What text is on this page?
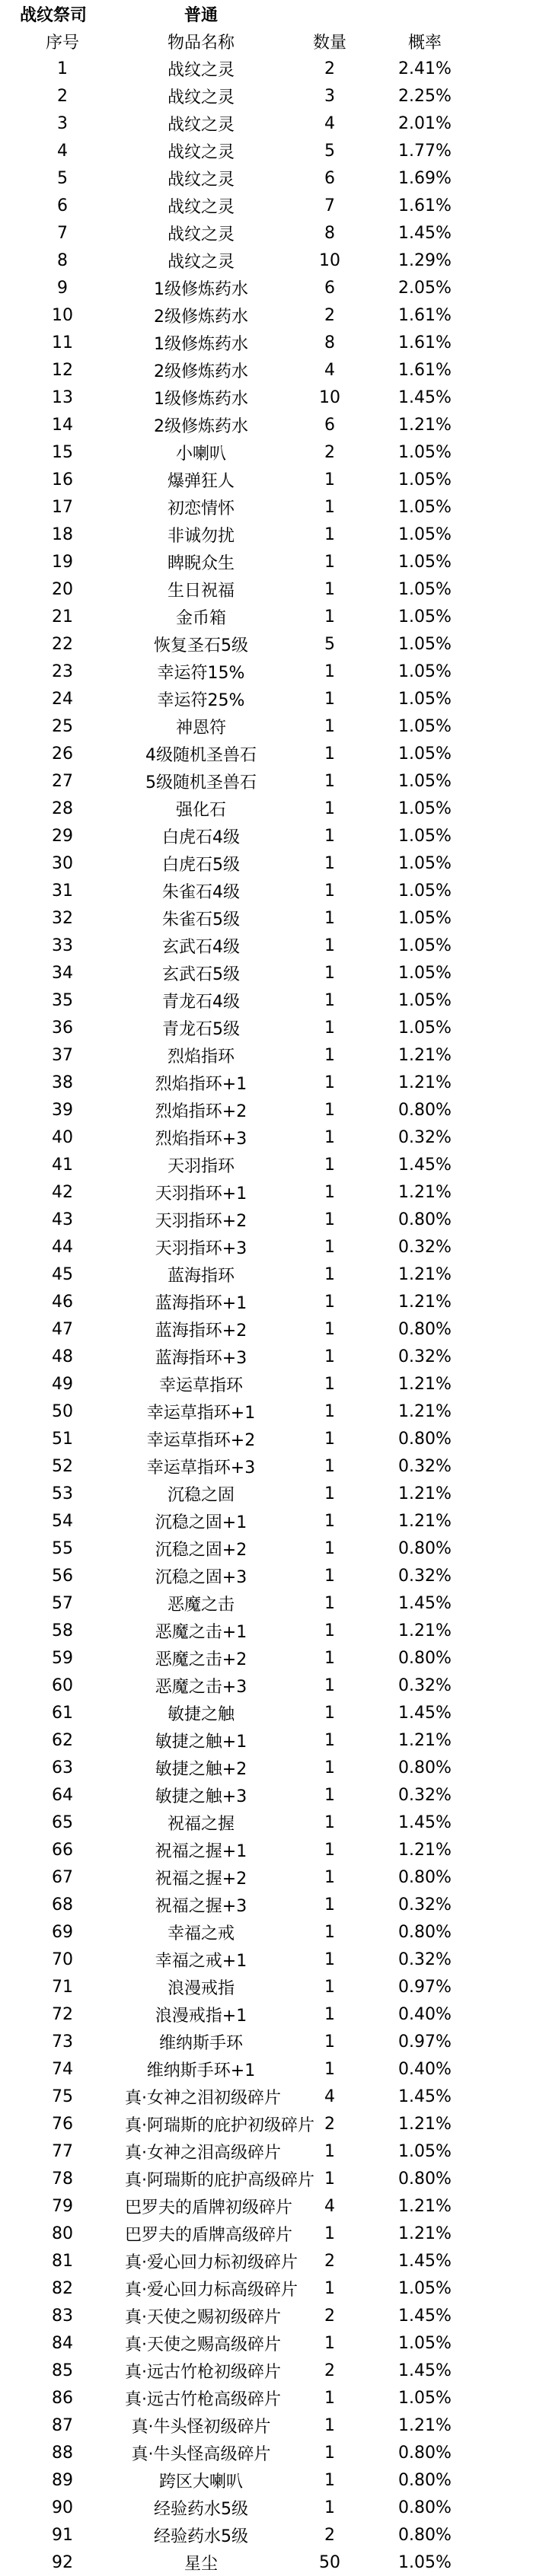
战纹祭司	普通
序号	物品名称	数量	概率
1	战纹之灵	2	2.41%
2	战纹之灵	3	2.25%
3	战纹之灵	4	2.01%
4	战纹之灵	5	1.77%
5	战纹之灵	6	1.69%
6	战纹之灵	7	1.61%
7	战纹之灵	8	1.45%
8	战纹之灵	10	1.29%
9	1级修炼药水	6	2.05%
10	2级修炼药水	2	1.61%
11	1级修炼药水	8	1.61%
12	2级修炼药水	4	1.61%
13	1级修炼药水	10	1.45%
14	2级修炼药水	6	1.21%
15	小喇叭	2	1.05%
16	爆弹狂人	1	1.05%
17	初恋情怀	1	1.05%
18	非诚勿扰	1	1.05%
19	睥睨众生	1	1.05%
20	生日祝福	1	1.05%
21	金币箱	1	1.05%
22	恢复圣石5级	5	1.05%
23	幸运符15%	1	1.05%
24	幸运符25%	1	1.05%
25	神恩符	1	1.05%
26	4级随机圣兽石	1	1.05%
27	5级随机圣兽石	1	1.05%
28	强化石	1	1.05%
29	白虎石4级	1	1.05%
30	白虎石5级	1	1.05%
31	朱雀石4级	1	1.05%
32	朱雀石5级	1	1.05%
33	玄武石4级	1	1.05%
34	玄武石5级	1	1.05%
35	青龙石4级	1	1.05%
36	青龙石5级	1	1.05%
37	烈焰指环	1	1.21%
38	烈焰指环+1	1	1.21%
39	烈焰指环+2	1	0.80%
40	烈焰指环+3	1	0.32%
41	天羽指环	1	1.45%
42	天羽指环+1	1	1.21%
43	天羽指环+2	1	0.80%
44	天羽指环+3	1	0.32%
45	蓝海指环	1	1.21%
46	蓝海指环+1	1	1.21%
47	蓝海指环+2	1	0.80%
48	蓝海指环+3	1	0.32%
49	幸运草指环	1	1.21%
50	幸运草指环+1	1	1.21%
51	幸运草指环+2	1	0.80%
52	幸运草指环+3	1	0.32%
53	沉稳之固	1	1.21%
54	沉稳之固+1	1	1.21%
55	沉稳之固+2	1	0.80%
56	沉稳之固+3	1	0.32%
57	恶魔之击	1	1.45%
58	恶魔之击+1	1	1.21%
59	恶魔之击+2	1	0.80%
60	恶魔之击+3	1	0.32%
61	敏捷之触	1	1.45%
62	敏捷之触+1	1	1.21%
63	敏捷之触+2	1	0.80%
64	敏捷之触+3	1	0.32%
65	祝福之握	1	1.45%
66	祝福之握+1	1	1.21%
67	祝福之握+2	1	0.80%
68	祝福之握+3	1	0.32%
69	幸福之戒	1	0.80%
70	幸福之戒+1	1	0.32%
71	浪漫戒指	1	0.97%
72	浪漫戒指+1	1	0.40%
73	维纳斯手环	1	0.97%
74	维纳斯手环+1	1	0.40%
75	真·女神之泪初级碎片	4	1.45%
76	真·阿瑞斯的庇护初级碎片 2	1.21%
77	真·女神之泪高级碎片	1	1.05%
78	真·阿瑞斯的庇护高级碎片 1	0.80%
79	巴罗夫的盾牌初级碎片	4	1.21%
80	巴罗夫的盾牌高级碎片	1	1.21%
81	真·爱心回力标初级碎片	2	1.45%
82	真·爱心回力标高级碎片	1	1.05%
83	真·天使之赐初级碎片	2	1.45%
84	真·天使之赐高级碎片	1	1.05%
85	真·远古竹枪初级碎片	2	1.45%
86	真·远古竹枪高级碎片	1	1.05%
87	真·牛头怪初级碎片	1	1.21%
88	真·牛头怪高级碎片	1	0.80%
89	跨区大喇叭	1	0.80%
90	经验药水5级	1	0.80%
91	经验药水5级	2	0.80%
92	星尘	50	1.05%
